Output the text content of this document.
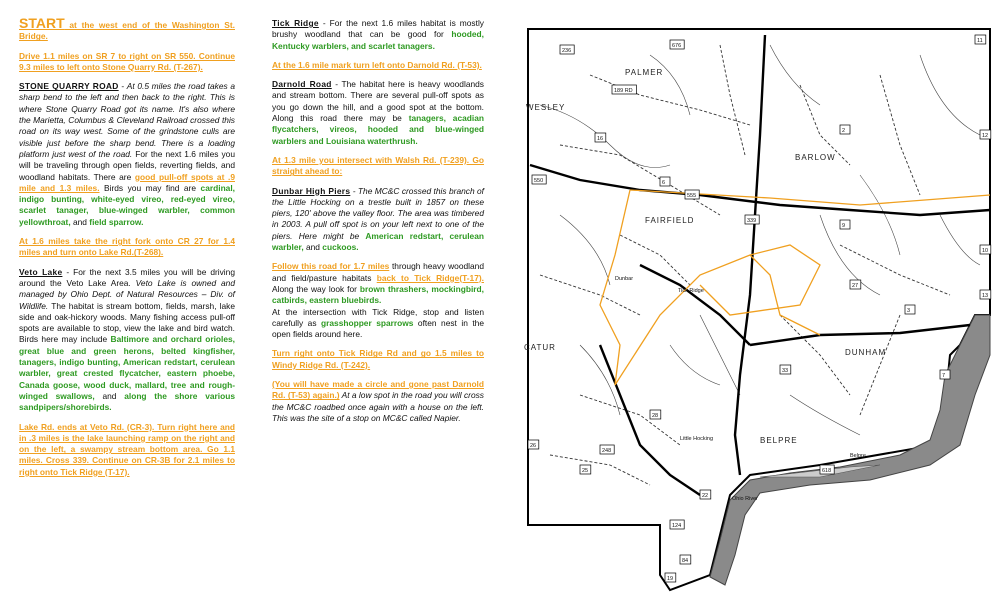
START at the west end of the Washington St. Bridge.

Drive 1.1 miles on SR 7 to right on SR 550. Continue 9.3 miles to left onto Stone Quarry Rd. (T-267).

STONE QUARRY ROAD - At 0.5 miles the road takes a sharp bend to the left and then back to the right. This is where Stone Quarry Road got its name. It's also where the Marietta, Columbus & Cleveland Railroad crossed this road on its way west. Some of the grindstone culls are visible just before the sharp bend. There is a loading platform just west of the road. For the next 1.6 miles you will be traveling through open fields, reverting fields, and woodland habitats. There are good pull-off spots at .9 mile and 1.3 miles. Birds you may find are cardinal, indigo bunting, white-eyed vireo, red-eyed vireo, scarlet tanager, blue-winged warbler, common yellowthroat, and field sparrow.

At 1.6 miles take the right fork onto CR 27 for 1.4 miles and turn onto Lake Rd.(T-268).

Veto Lake - For the next 3.5 miles you will be driving around the Veto Lake Area. Veto Lake is owned and managed by Ohio Dept. of Natural Resources – Div. of Wildlife. The habitat is stream bottom, fields, marsh, lake side and oak-hickory woods. Many fishing access pull-off spots are available to stop, view the lake and bird watch. Birds here may include Baltimore and orchard orioles, great blue and green herons, belted kingfisher, tanagers, indigo bunting, American redstart, cerulean warbler, great crested flycatcher, eastern phoebe, Canada goose, wood duck, mallard, tree and rough-winged swallows, and along the shore various sandpipers/shorebirds.

Lake Rd. ends at Veto Rd. (CR-3). Turn right here and in .3 miles is the lake launching ramp on the right and on the left, a swampy stream bottom area. Go 1.1 miles. Cross 339. Continue on CR-3B for 2.1 miles to right onto Tick Ridge (T-17).

Tick Ridge - For the next 1.6 miles habitat is mostly brushy woodland that can be good for hooded, Kentucky warblers, and scarlet tanagers.

At the 1.6 mile mark turn left onto Darnold Rd. (T-53).

Darnold Road - The habitat here is heavy woodlands and stream bottom. There are several pull-off spots as you go down the hill, and a good spot at the bottom. Along this road there may be tanagers, acadian flycatchers, vireos, hooded and blue-winged warblers and Louisiana waterthrush.

At 1.3 mile you intersect with Walsh Rd. (T-239). Go straight ahead to:

Dunbar High Piers - The MC&C crossed this branch of the Little Hocking on a trestle built in 1857 on these piers, 120' above the valley floor. The area was timbered in 2003. A pull off spot is on your left next to one of the piers. Here might be American redstart, cerulean warbler, and cuckoos.

Follow this road for 1.7 miles through heavy woodland and field/pasture habitats back to Tick Ridge(T-17). Along the way look for brown thrashers, mockingbird, catbirds, eastern bluebirds.
At the intersection with Tick Ridge, stop and listen carefully as grasshopper sparrows often nest in the open fields around here.

Turn right onto Tick Ridge Rd and go 1.5 miles to Windy Ridge Rd. (T-242).

(You will have made a circle and gone past Darnold Rd. (T-53) again.) At a low spot in the road you will cross the MC&C roadbed once again with a house on the left. This was the site of a stop on MC&C called Napier.

PALMER
WESLEY
BARLOW
FAIRFIELD
DUNHAM
BELPRE
CATUR
Dunbar
Tick Ridge
Little Hocking
Belpre
Ohio River
236
676
2
339
12
16
550	6
555
3
27
10
13
28
33
7
618
26
25
248
22
124
84
19
189 RD
11
9
